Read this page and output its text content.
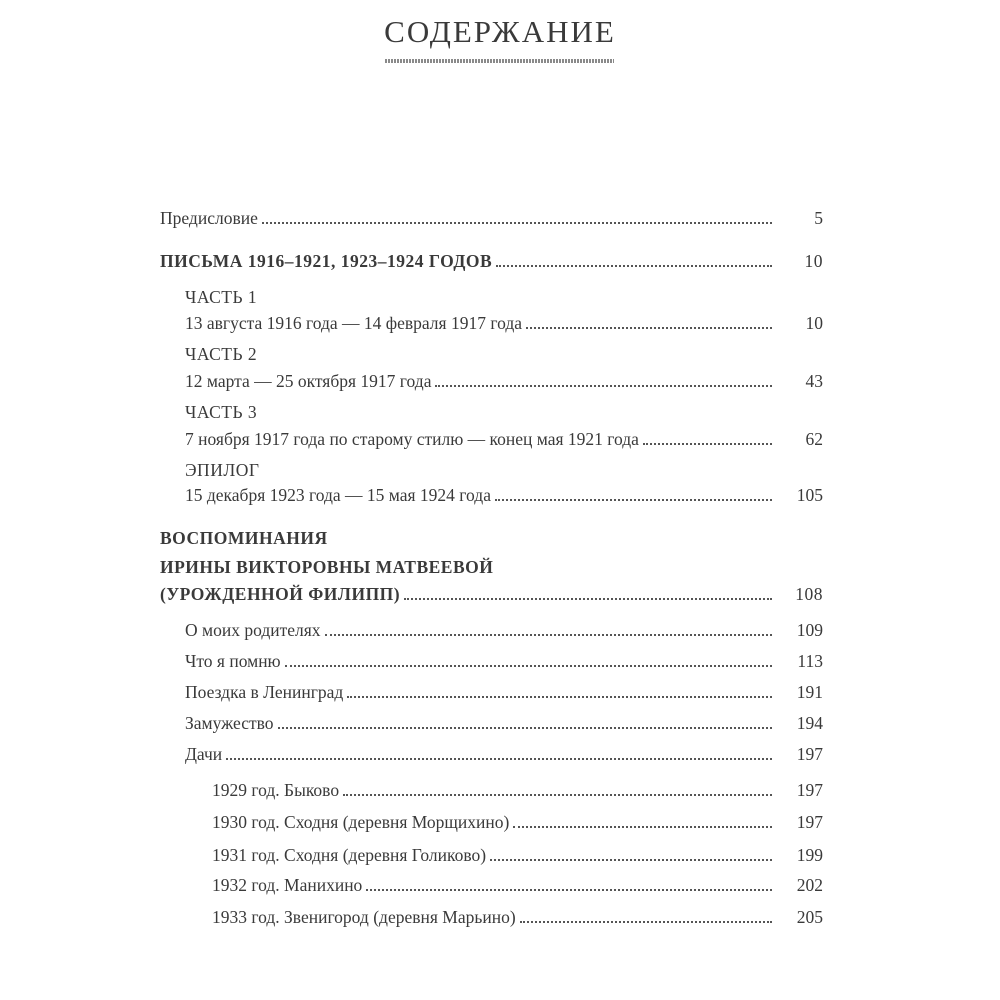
СОДЕРЖАНИЕ
Предисловие	5
ПИСЬМА 1916–1921, 1923–1924 ГОДОВ	10
ЧАСТЬ 1
13 августа 1916 года — 14 февраля 1917 года	10
ЧАСТЬ 2
12 марта — 25 октября 1917 года	43
ЧАСТЬ 3
7 ноября 1917 года по старому стилю — конец мая 1921 года	62
ЭПИЛОГ
15 декабря 1923 года — 15 мая 1924 года	105
ВОСПОМИНАНИЯ
ИРИНЫ ВИКТОРОВНЫ МАТВЕЕВОЙ
(УРОЖДЕННОЙ ФИЛИПП)	108
О моих родителях	109
Что я помню	113
Поездка в Ленинград	191
Замужество	194
Дачи	197
1929 год. Быково	197
1930 год. Сходня (деревня Морщихино)	197
1931 год. Сходня (деревня Голиково)	199
1932 год. Манихино	202
1933 год. Звенигород (деревня Марьино)	205
